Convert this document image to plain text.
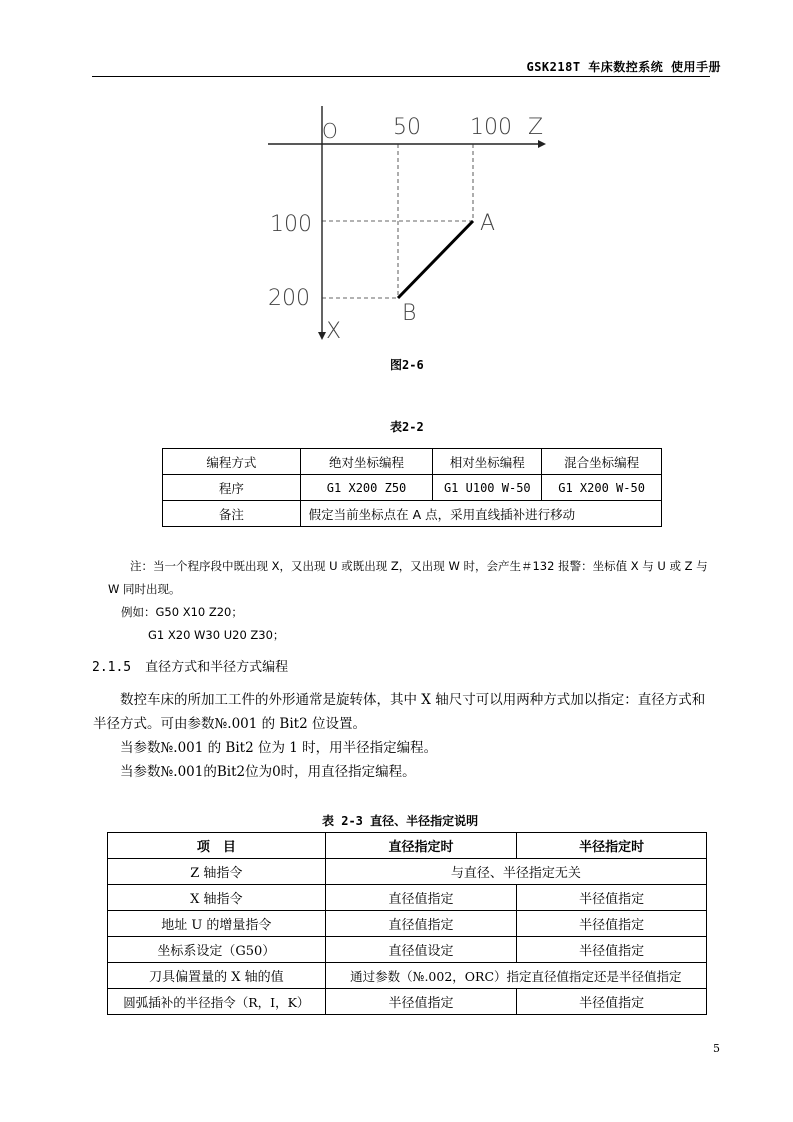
GSK218T 车床数控系统 使用手册
O	50 100 Z
100
200
A
B
X
图2-6
表2-2
编程方式	绝对坐标编程	相对坐标编程	混合坐标编程
程序	G1 X200 Z50	G1 U100 W-50	G1 X200 W-50
备注	假定当前坐标点在 A 点，采用直线插补进行移动		
注：当一个程序段中既出现 X，又出现 U 或既出现 Z，又出现 W 时，会产生＃132 报警：坐标值 X 与 U 或 Z 与
W 同时出现。
例如：G50 X10 Z20；
G1 X20 W30 U20 Z30；
2.1.5 直径方式和半径方式编程
数控车床的所加工工件的外形通常是旋转体，其中 X 轴尺寸可以用两种方式加以指定：直径方式和
半径方式。可由参数№.001 的 Bit2 位设置。
当参数№.001 的 Bit2 位为 1 时，用半径指定编程。
当参数№.001的Bit2位为0时，用直径指定编程。
表 2-3 直径、半径指定说明
项　目	直径指定时	半径指定时
Z 轴指令	与直径、半径指定无关	
X 轴指令	直径值指定	半径值指定
地址 U 的增量指令	直径值指定	半径值指定
坐标系设定（G50）	直径值设定	半径值指定
刀具偏置量的 X 轴的值	通过参数（№.002，ORC）指定直径值指定还是半径值指定	
圆弧插补的半径指令（R，I，K）	半径值指定	半径值指定
5
